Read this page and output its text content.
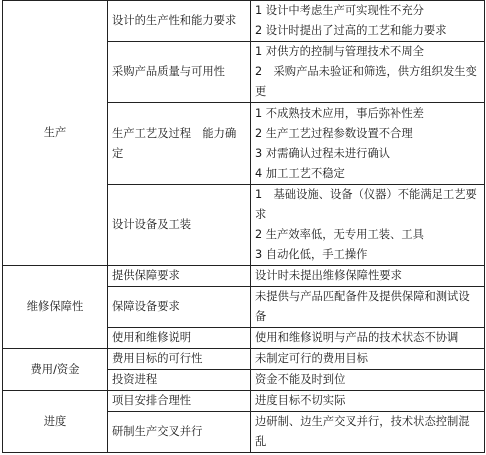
生产	设计的生产性和能力要求	1 设计中考虑生产可实现性不充分
2 设计时提出了过高的工艺和能力要求

	采购产品质量与可用性	1 对供方的控制与管理技术不周全
2　采购产品未验证和筛选，供方组织发生变更

	生产工艺及过程　能力确定	1 不成熟技术应用，事后弥补性差
2 生产工艺过程参数设置不合理
3 对需确认过程未进行确认
4 加工工艺不稳定

	设计设备及工装	1　基础设施、设备（仪器）不能满足工艺要求
2 生产效率低，无专用工装、工具
3 自动化低，手工操作

维修保障性	提供保障要求	设计时未提出维修保障性要求
	保障设备要求	未提供与产品匹配备件及提供保障和测试设备
	使用和维修说明	使用和维修说明与产品的技术状态不协调
费用/资金	费用目标的可行性	未制定可行的费用目标
	投资进程	资金不能及时到位
进度	项目安排合理性	进度目标不切实际
	研制生产交叉并行	边研制、边生产交叉并行，技术状态控制混乱
